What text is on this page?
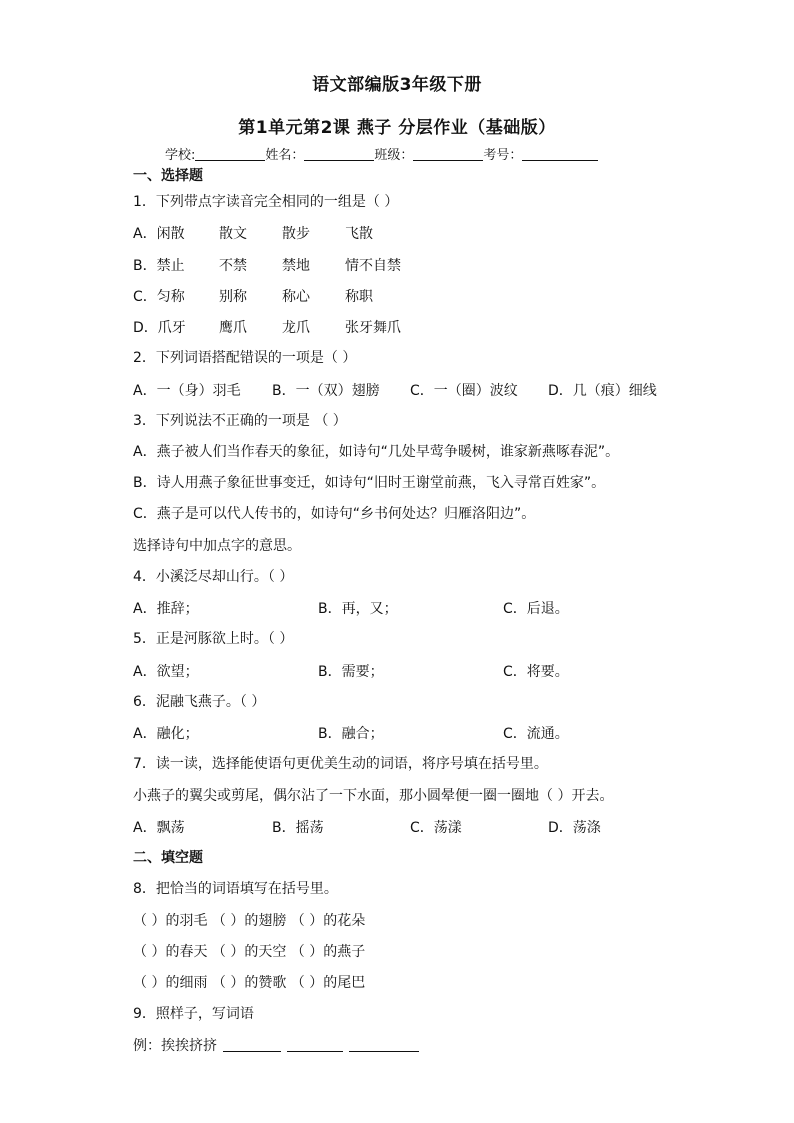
语文部编版3年级下册
第1单元第2课 燕子 分层作业（基础版）
学校:	姓名：	班级：	考号：
一、选择题
1．下列带点字读音完全相同的一组是（ ）
A．闲散 散文	散步	飞散
B．禁止 不禁	禁地	情不自禁
C．匀称 别称	称心	称职
D．爪牙 鹰爪	龙爪	张牙舞爪
2．下列词语搭配错误的一项是（ ）
A．一（身）羽毛 B．一（双）翅膀 C．一（圈）波纹 D．几（痕）细线
3．下列说法不正确的一项是 （ ）
A．燕子被人们当作春天的象征，如诗句“几处早莺争暖树，谁家新燕啄春泥”。
B．诗人用燕子象征世事变迁，如诗句“旧时王谢堂前燕，飞入寻常百姓家”。
C．燕子是可以代人传书的，如诗句“乡书何处达？归雁洛阳边”。
选择诗句中加点字的意思。
4．小溪泛尽却山行。（ ）
A．推辞；	B．再，又；	C．后退。
5．正是河豚欲上时。（ ）
A．欲望；	B．需要；	C．将要。
6．泥融飞燕子。（ ）
A．融化；	B．融合；	C．流通。
7．读一读，选择能使语句更优美生动的词语，将序号填在括号里。
小燕子的翼尖或剪尾，偶尔沾了一下水面，那小圆晕便一圈一圈地（ ）开去。
A．飘荡	B．摇荡	C．荡漾	D．荡涤
二、填空题
8．把恰当的词语填写在括号里。
（ ）的羽毛 （ ）的翅膀 （ ）的花朵
（ ）的春天 （ ）的天空 （ ）的燕子
（ ）的细雨 （ ）的赞歌 （ ）的尾巴
9．照样子，写词语
例：挨挨挤挤
